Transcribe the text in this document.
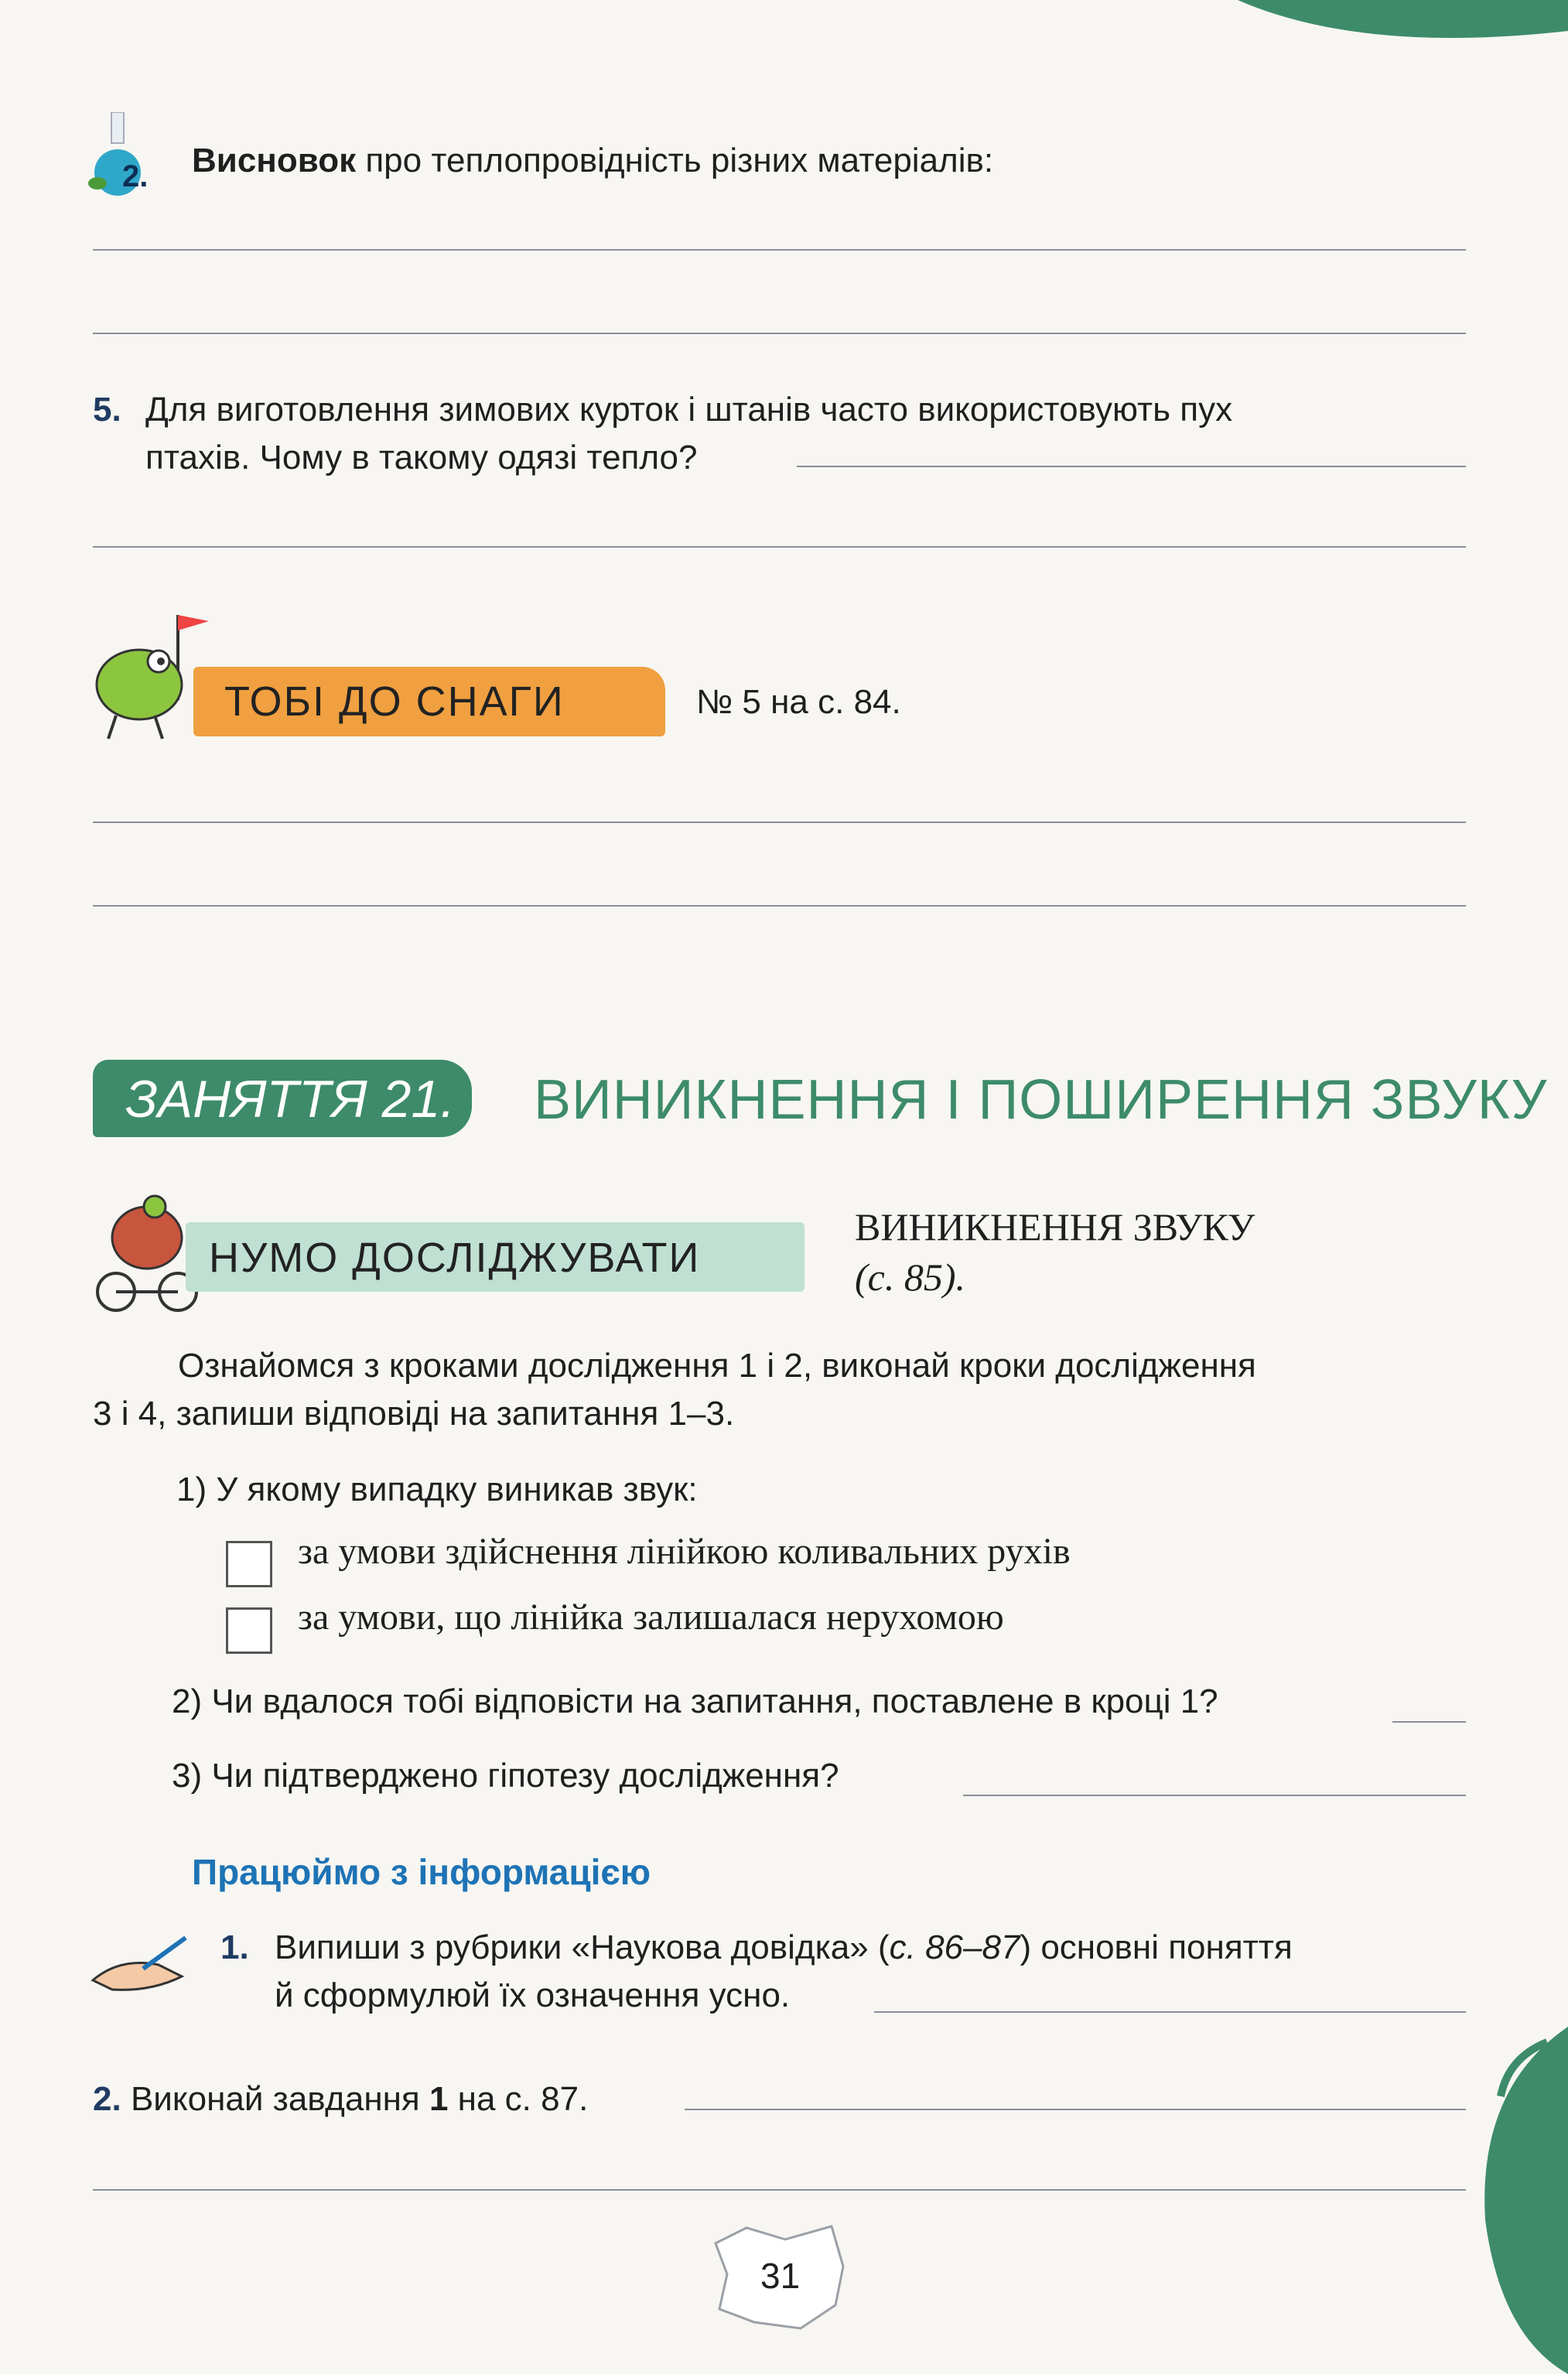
2. Висновок про теплопровідність різних матеріалів:
5. Для виготовлення зимових курток і штанів часто використовують пух
птахів. Чому в такому одязі тепло?
ТОБІ ДО СНАГИ	№ 5 на с. 84.
ЗАНЯТТЯ 21. ВИНИКНЕННЯ І ПОШИРЕННЯ ЗВУКУ
НУМО ДОСЛІДЖУВАТИ
ВИНИКНЕННЯ ЗВУКУ
(с. 85).
Ознайомся з кроками дослідження 1 і 2, виконай кроки дослідження
3 і 4, запиши відповіді на запитання 1–3.
1) У якому випадку виникав звук:
за умови здійснення лінійкою коливальних рухів
за умови, що лінійка залишалася нерухомою
2) Чи вдалося тобі відповісти на запитання, поставлене в кроці 1?
3) Чи підтверджено гіпотезу дослідження?
Працюймо з інформацією
1. Випиши з рубрики «Наукова довідка» (с. 86–87) основні поняття
й сформулюй їх означення усно.
2. Виконай завдання 1 на с. 87.
31
